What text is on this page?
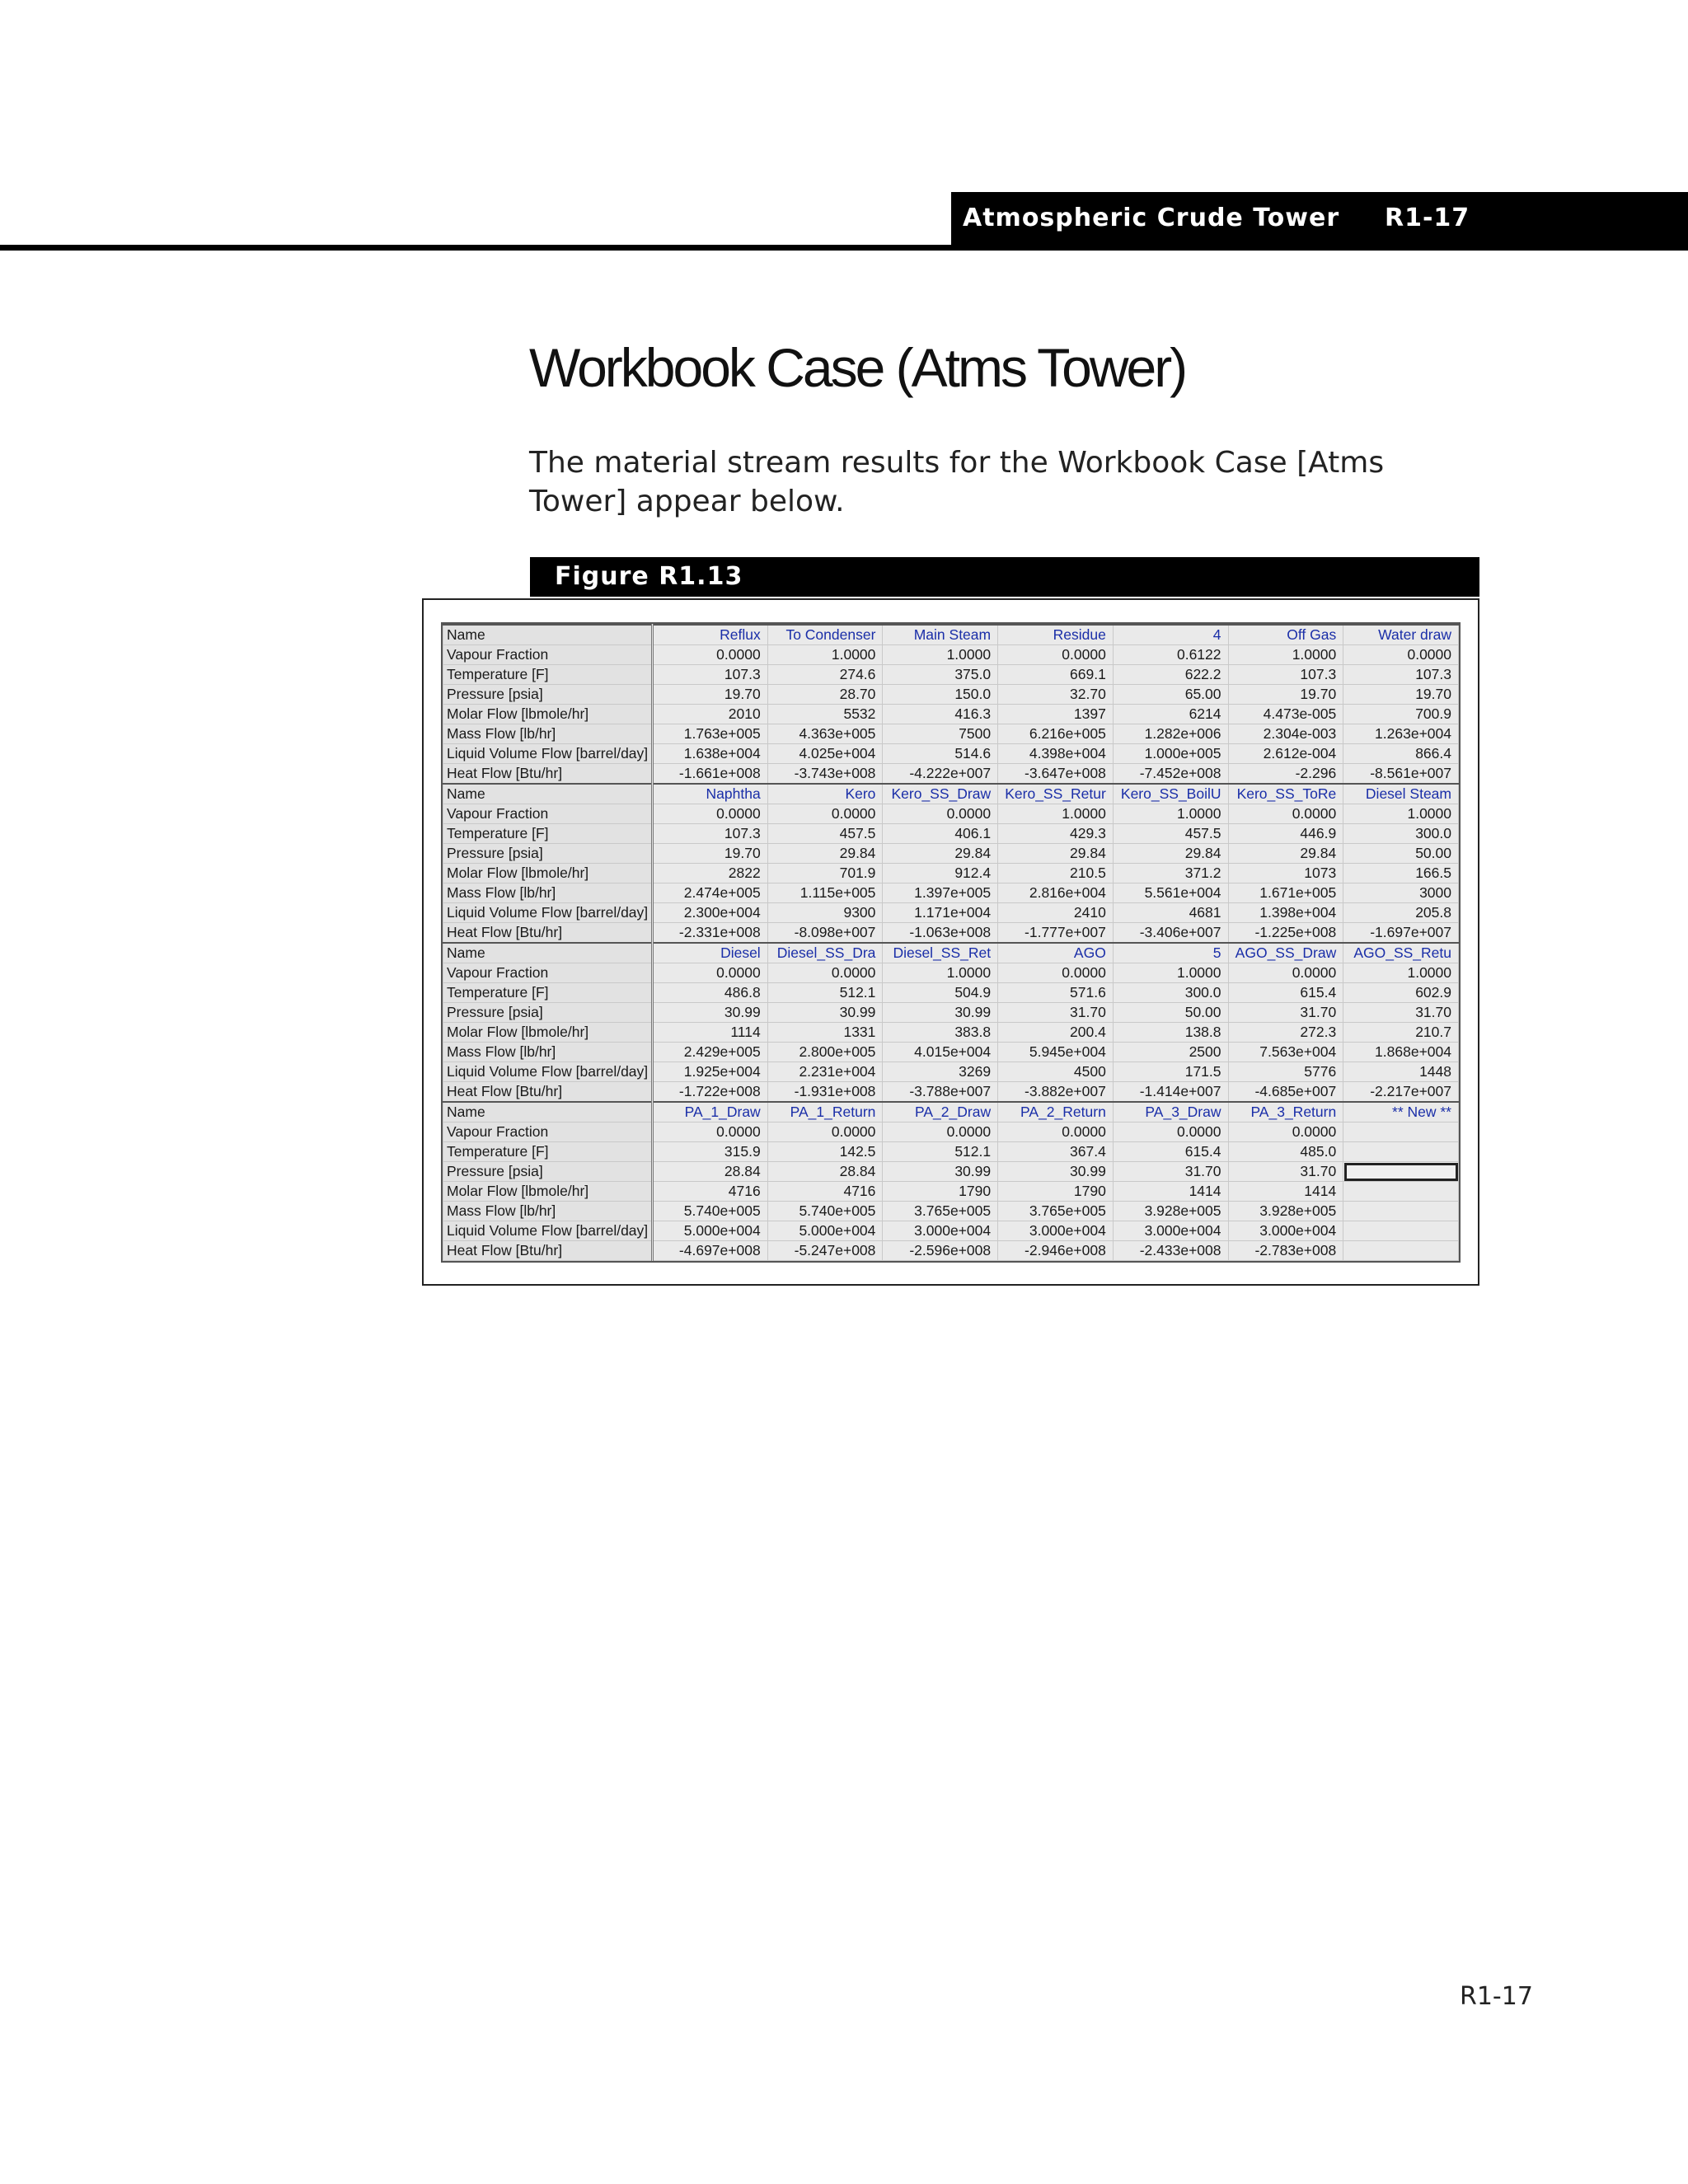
Atmospheric Crude Tower R1-17
Workbook Case (Atms Tower)
The material stream results for the Workbook Case [Atms Tower] appear below.
Figure R1.13
Name	Reflux	To Condenser	Main Steam	Residue	4	Off Gas	Water draw
Vapour Fraction	0.0000	1.0000	1.0000	0.0000	0.6122	1.0000	0.0000
Temperature [F]	107.3	274.6	375.0	669.1	622.2	107.3	107.3
Pressure [psia]	19.70	28.70	150.0	32.70	65.00	19.70	19.70
Molar Flow [lbmole/hr]	2010	5532	416.3	1397	6214	4.473e-005	700.9
Mass Flow [lb/hr]	1.763e+005	4.363e+005	7500	6.216e+005	1.282e+006	2.304e-003	1.263e+004
Liquid Volume Flow [barrel/day]	1.638e+004	4.025e+004	514.6	4.398e+004	1.000e+005	2.612e-004	866.4
Heat Flow [Btu/hr]	-1.661e+008	-3.743e+008	-4.222e+007	-3.647e+008	-7.452e+008	-2.296	-8.561e+007
Name	Naphtha	Kero	Kero_SS_Draw	Kero_SS_Retur	Kero_SS_BoilU	Kero_SS_ToRe	Diesel Steam
Vapour Fraction	0.0000	0.0000	0.0000	1.0000	1.0000	0.0000	1.0000
Temperature [F]	107.3	457.5	406.1	429.3	457.5	446.9	300.0
Pressure [psia]	19.70	29.84	29.84	29.84	29.84	29.84	50.00
Molar Flow [lbmole/hr]	2822	701.9	912.4	210.5	371.2	1073	166.5
Mass Flow [lb/hr]	2.474e+005	1.115e+005	1.397e+005	2.816e+004	5.561e+004	1.671e+005	3000
Liquid Volume Flow [barrel/day]	2.300e+004	9300	1.171e+004	2410	4681	1.398e+004	205.8
Heat Flow [Btu/hr]	-2.331e+008	-8.098e+007	-1.063e+008	-1.777e+007	-3.406e+007	-1.225e+008	-1.697e+007
Name	Diesel	Diesel_SS_Dra	Diesel_SS_Ret	AGO	5	AGO_SS_Draw	AGO_SS_Retu
Vapour Fraction	0.0000	0.0000	1.0000	0.0000	1.0000	0.0000	1.0000
Temperature [F]	486.8	512.1	504.9	571.6	300.0	615.4	602.9
Pressure [psia]	30.99	30.99	30.99	31.70	50.00	31.70	31.70
Molar Flow [lbmole/hr]	1114	1331	383.8	200.4	138.8	272.3	210.7
Mass Flow [lb/hr]	2.429e+005	2.800e+005	4.015e+004	5.945e+004	2500	7.563e+004	1.868e+004
Liquid Volume Flow [barrel/day]	1.925e+004	2.231e+004	3269	4500	171.5	5776	1448
Heat Flow [Btu/hr]	-1.722e+008	-1.931e+008	-3.788e+007	-3.882e+007	-1.414e+007	-4.685e+007	-2.217e+007
Name	PA_1_Draw	PA_1_Return	PA_2_Draw	PA_2_Return	PA_3_Draw	PA_3_Return	** New **
Vapour Fraction	0.0000	0.0000	0.0000	0.0000	0.0000	0.0000	
Temperature [F]	315.9	142.5	512.1	367.4	615.4	485.0	
Pressure [psia]	28.84	28.84	30.99	30.99	31.70	31.70	
Molar Flow [lbmole/hr]	4716	4716	1790	1790	1414	1414	
Mass Flow [lb/hr]	5.740e+005	5.740e+005	3.765e+005	3.765e+005	3.928e+005	3.928e+005	
Liquid Volume Flow [barrel/day]	5.000e+004	5.000e+004	3.000e+004	3.000e+004	3.000e+004	3.000e+004	
Heat Flow [Btu/hr]	-4.697e+008	-5.247e+008	-2.596e+008	-2.946e+008	-2.433e+008	-2.783e+008	
R1-17
